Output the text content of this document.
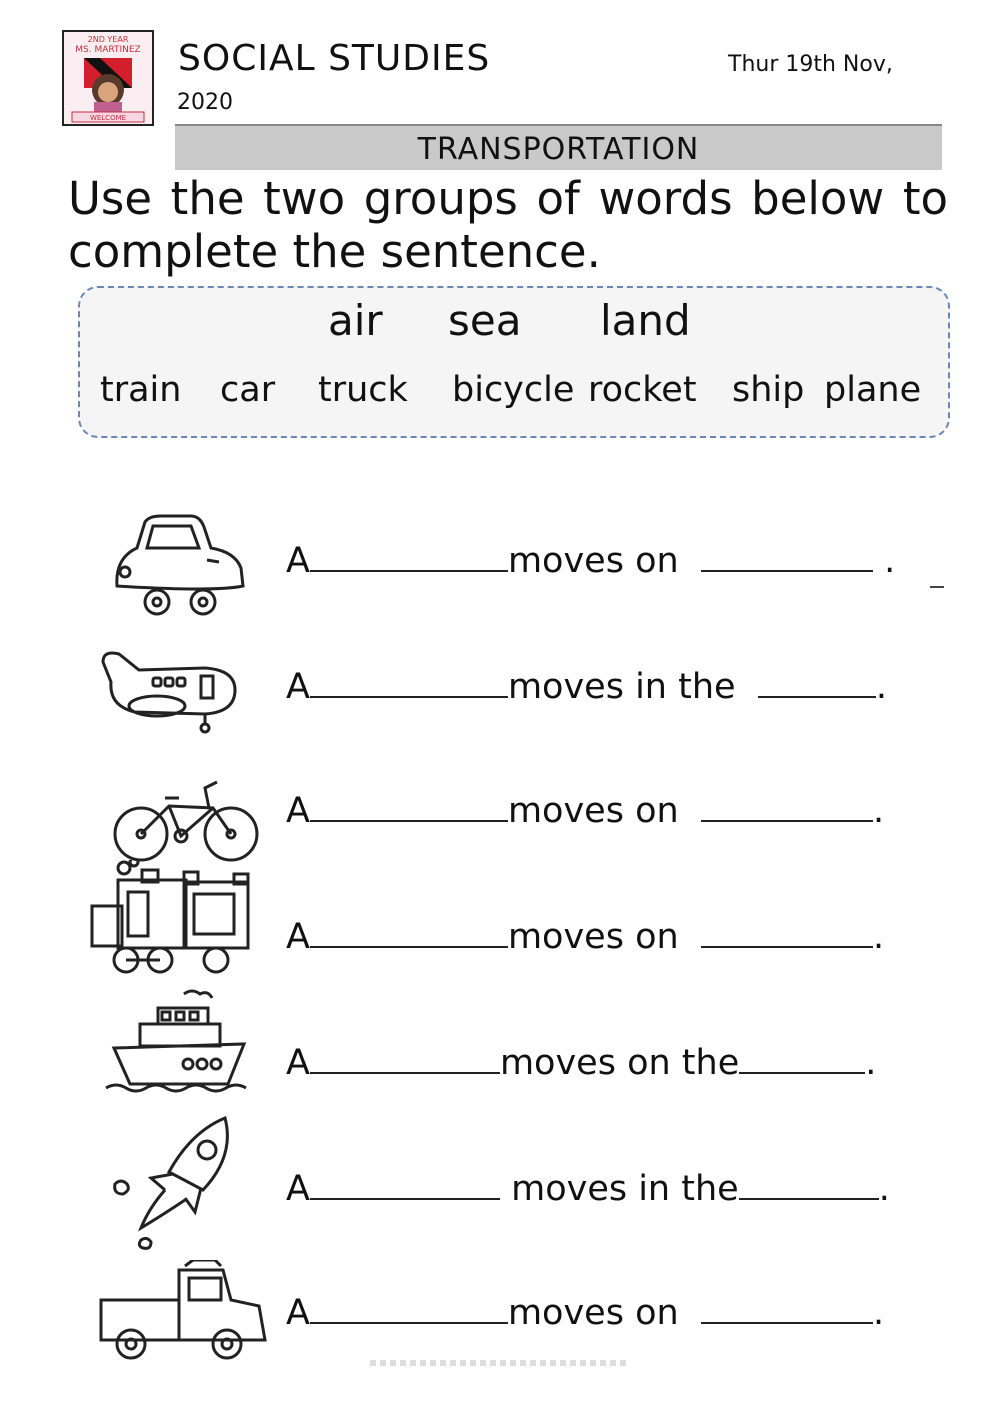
2ND YEAR
MS. MARTINEZ
WELCOME
SOCIAL STUDIES	Thur 19th Nov,
2020
TRANSPORTATION
Use the two groups of words below to complete the sentence.
air sea land
train car truck bicycle rocket ship plane
A	moves on	.
A	moves in the	.
A	moves on	.
A	moves on	.
A	moves on the	.
A	moves in the	.
A	moves on	.
